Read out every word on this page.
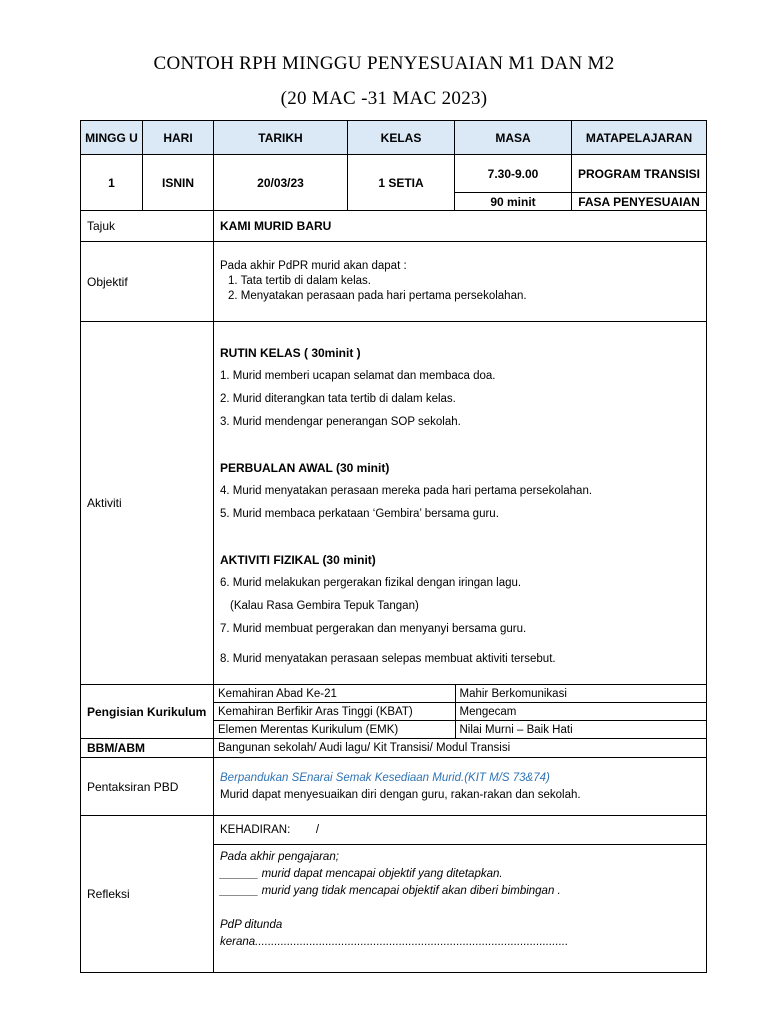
CONTOH RPH MINGGU PENYESUAIAN M1 DAN M2
(20 MAC -31 MAC 2023)
MINGG U	HARI	TARIKH	KELAS	MASA	MATAPELAJARAN
1	ISNIN	20/03/23	1 SETIA	7.30-9.00	PROGRAM TRANSISI
90 minit	FASA PENYESUAIAN
Tajuk	KAMI MURID BARU
Objektif	
Pada akhir PdPR murid akan dapat :
1. Tata tertib di dalam kelas.
2. Menyatakan perasaan pada hari pertama persekolahan.

Aktiviti	
RUTIN KELAS ( 30minit )
1. Murid memberi ucapan selamat dan membaca doa.
2. Murid diterangkan tata tertib di dalam kelas.
3. Murid mendengar penerangan SOP sekolah.
PERBUALAN AWAL (30 minit)
4. Murid menyatakan perasaan mereka pada hari pertama persekolahan.
5. Murid membaca perkataan ‘Gembira’ bersama guru.
AKTIVITI FIZIKAL (30 minit)
6. Murid melakukan pergerakan fizikal dengan iringan lagu.
(Kalau Rasa Gembira Tepuk Tangan)
7. Murid membuat pergerakan dan menyanyi bersama guru.
8. Murid menyatakan perasaan selepas membuat aktiviti tersebut.

Pengisian Kurikulum	
Kemahiran Abad Ke-21	Mahir Berkomunikasi
Kemahiran Berfikir Aras Tinggi (KBAT)	Mengecam
Elemen Merentas Kurikulum (EMK)	Nilai Murni – Baik Hati

BBM/ABM	Bangunan sekolah/ Audi lagu/ Kit Transisi/ Modul Transisi
Pentaksiran PBD	
Berpandukan SEnarai Semak Kesediaan Murid.(KIT M/S 73&74)
Murid dapat menyesuaikan diri dengan guru, rakan-rakan dan sekolah.

Refleksi	
KEHADIRAN:        /
Pada akhir pengajaran;
______ murid dapat mencapai objektif yang ditetapkan.
______ murid yang tidak mencapai objektif akan diberi bimbingan .
PdP ditunda
kerana..................................................................................................
